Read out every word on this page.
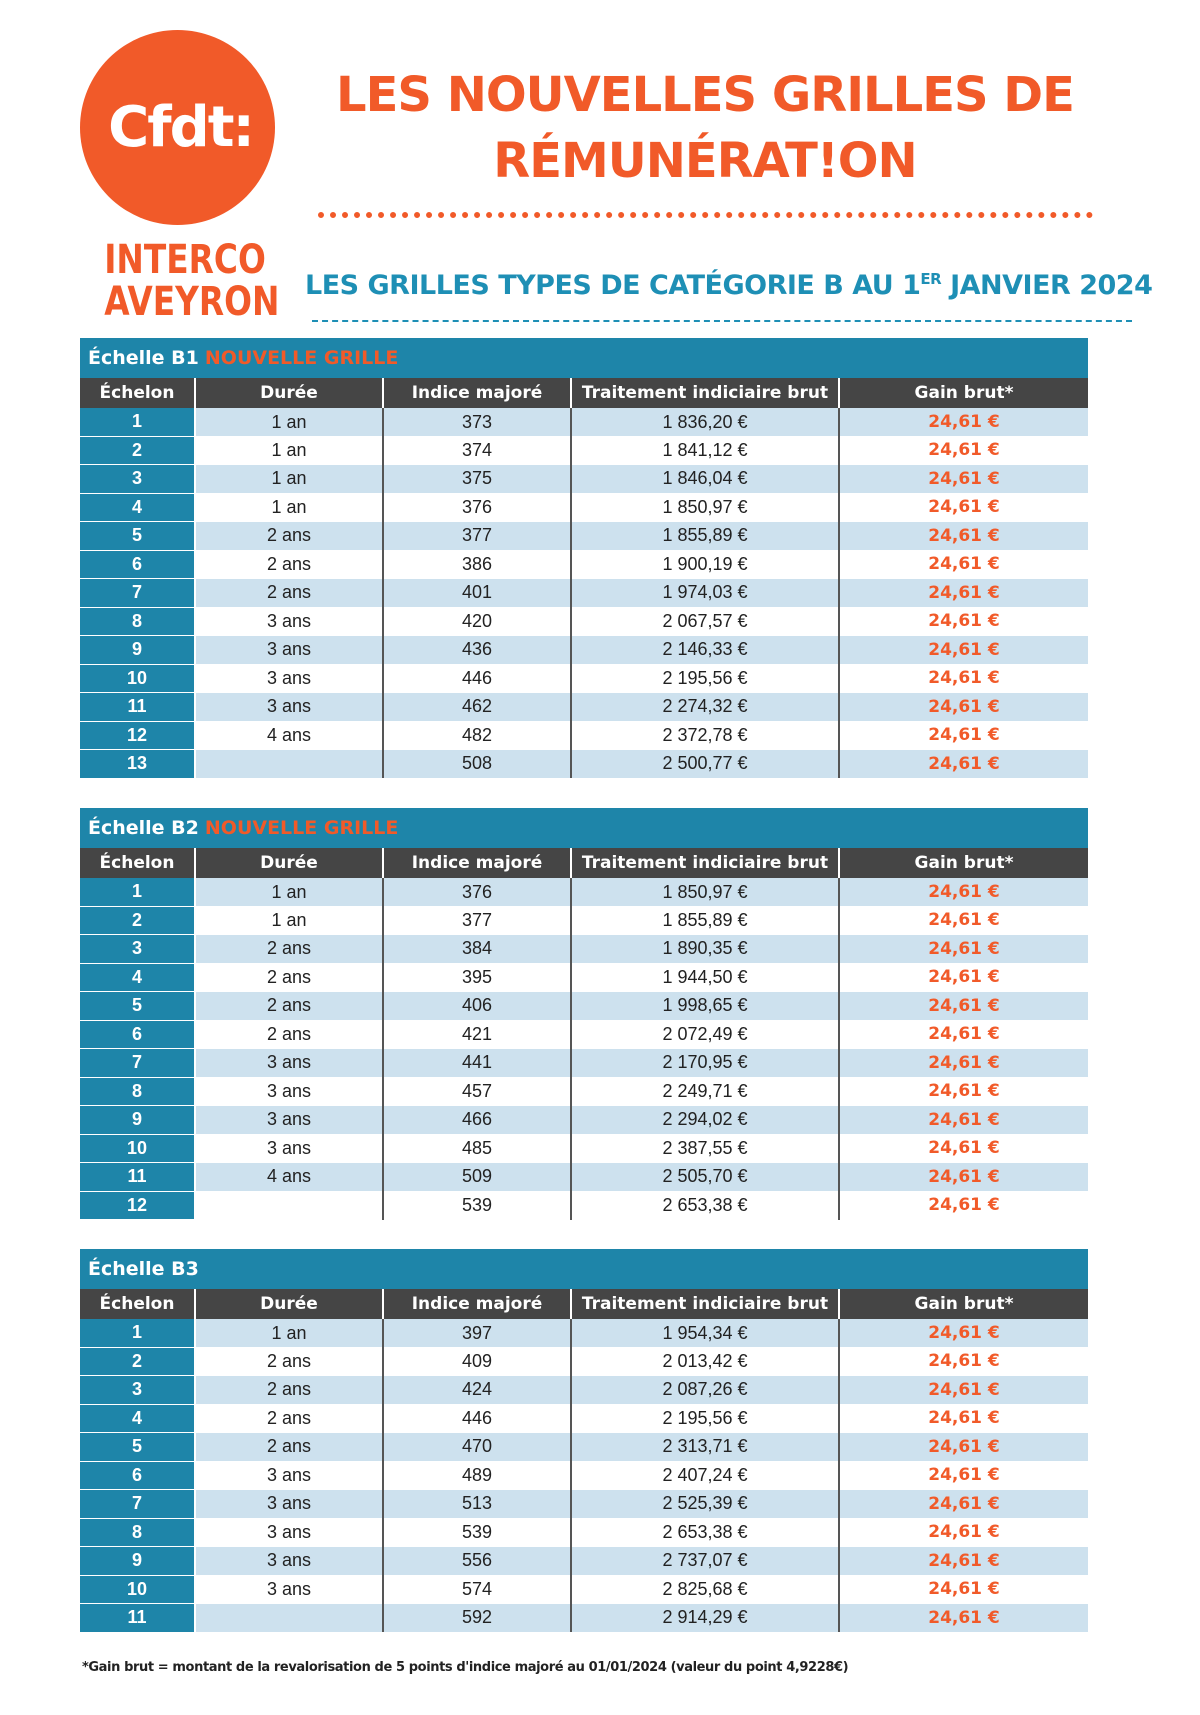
Cfdt:
INTERCO
AVEYRON
LES NOUVELLES GRILLES DE
RÉMUNÉRAT!ON
LES GRILLES TYPES DE CATÉGORIE B AU 1ER JANVIER 2024
Échelle B1 NOUVELLE GRILLE
Échelon	Durée	Indice majoré	Traitement indiciaire brut	Gain brut*
1	1 an	373	1 836,20 €	24,61 €
2	1 an	374	1 841,12 €	24,61 €
3	1 an	375	1 846,04 €	24,61 €
4	1 an	376	1 850,97 €	24,61 €
5	2 ans	377	1 855,89 €	24,61 €
6	2 ans	386	1 900,19 €	24,61 €
7	2 ans	401	1 974,03 €	24,61 €
8	3 ans	420	2 067,57 €	24,61 €
9	3 ans	436	2 146,33 €	24,61 €
10	3 ans	446	2 195,56 €	24,61 €
11	3 ans	462	2 274,32 €	24,61 €
12	4 ans	482	2 372,78 €	24,61 €
13		508	2 500,77 €	24,61 €
Échelle B2 NOUVELLE GRILLE
Échelon	Durée	Indice majoré	Traitement indiciaire brut	Gain brut*
1	1 an	376	1 850,97 €	24,61 €
2	1 an	377	1 855,89 €	24,61 €
3	2 ans	384	1 890,35 €	24,61 €
4	2 ans	395	1 944,50 €	24,61 €
5	2 ans	406	1 998,65 €	24,61 €
6	2 ans	421	2 072,49 €	24,61 €
7	3 ans	441	2 170,95 €	24,61 €
8	3 ans	457	2 249,71 €	24,61 €
9	3 ans	466	2 294,02 €	24,61 €
10	3 ans	485	2 387,55 €	24,61 €
11	4 ans	509	2 505,70 €	24,61 €
12		539	2 653,38 €	24,61 €
Échelle B3
Échelon	Durée	Indice majoré	Traitement indiciaire brut	Gain brut*
1	1 an	397	1 954,34 €	24,61 €
2	2 ans	409	2 013,42 €	24,61 €
3	2 ans	424	2 087,26 €	24,61 €
4	2 ans	446	2 195,56 €	24,61 €
5	2 ans	470	2 313,71 €	24,61 €
6	3 ans	489	2 407,24 €	24,61 €
7	3 ans	513	2 525,39 €	24,61 €
8	3 ans	539	2 653,38 €	24,61 €
9	3 ans	556	2 737,07 €	24,61 €
10	3 ans	574	2 825,68 €	24,61 €
11		592	2 914,29 €	24,61 €
*Gain brut = montant de la revalorisation de 5 points d'indice majoré au 01/01/2024 (valeur du point 4,9228€)
